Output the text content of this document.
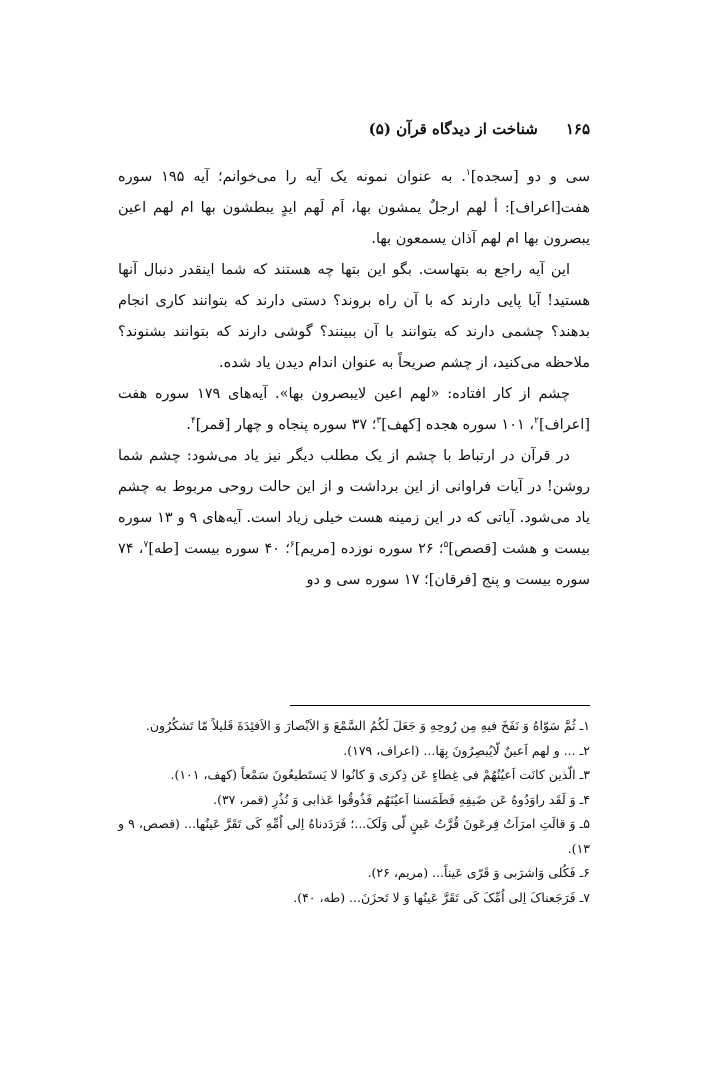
شناخت از دیدگاه قرآن (۵) ۱۶۵

سی و دو [سجده]$^۱$. به عنوان نمونه یک آیه را می‌خوانم؛ آیه ۱۹۵ سوره هفت[اعراف]: أ لهم ارجلٌ یمشون بها، اَم لَهم ایدٍ یبطشون بها ام لهم اعین یبصرون بها ام لهم آذان یسمعون بها.

این آیه راجع به بتهاست. بگو این بتها چه هستند که شما اینقدر دنبال آنها هستید! آیا پایی دارند که با آن راه بروند؟ دستی دارند که بتوانند کاری انجام بدهند؟ چشمی دارند که بتوانند با آن ببینند؟ گوشی دارند که بتوانند بشنوند؟ ملاحظه می‌کنید، از چشم صریحاً به عنوان اندام دیدن یاد شده.

چشم از کار افتاده: «لهم اعین لایبصرون بها». آیه‌های ۱۷۹ سوره هفت [اعراف]$^۲$، ۱۰۱ سوره هجده [کهف]$^۳$؛ ۳۷ سوره پنجاه و چهار [قمر]$^۴$.

در قرآن در ارتباط با چشم از یک مطلب دیگر نیز یاد می‌شود: چشم شما روشن! در آیات فراوانی از این برداشت و از این حالت روحی مربوط به چشم یاد می‌شود. آیاتی که در این زمینه هست خیلی زیاد است. آیه‌های ۹ و ۱۳ سوره بیست و هشت [قصص]$^۵$؛ ۲۶ سوره نوزده [مریم]$^۶$؛ ۴۰ سوره بیست [طه]$^۷$، ۷۴ سوره بیست و پنج [فرقان]؛ ۱۷ سوره سی و دو

۱ـ ثُمَّ سَوّاهُ وَ نَفَخَ فیهِ مِن رُوحِهِ وَ جَعَلَ لَکُمُ السَّمْعَ وَ الاَبْصارَ وَ الاَفئِدَةَ قَلیلاً مّا تَشکُرُون.
۲ـ ... و لهم اَعینٌ لّایُبصِرُونَ بِهَا... (اعراف، ۱۷۹).
۳ـ الّذین کانَت اَعیُنُهُمْ فی غِطاءٍ عَن ذِکری وَ کانُوا لا یَستَطیعُونَ سَمْعاً (کهف، ۱۰۱).
۴ـ وَ لَقَد راوَدُوهُ عَن ضَیفِهِ فَطَمَسنا اَعیُنَهُم فَذُوقُوا عَذابی وَ نُذُرِ (قمر، ۳۷).
۵ـ وَ قالَتِ امرَاَتُ فِرعَونَ قُرَّتُ عَینٍ لّی وَلَکَ...؛ فَرَدَدناهُ اِلی اُمِّهِ کَی تَقَرَّ عَینُها... (قصص، ۹ و ۱۳).
۶ـ فَکُلی وَاشرَبی وَ قَرّی عَیناً... (مریم، ۲۶).
۷ـ فَرَجَعناکَ اِلی اُمِّکَ کَی تَقَرَّ عَینُها وَ لا تَحزَنَ... (طه، ۴۰).
